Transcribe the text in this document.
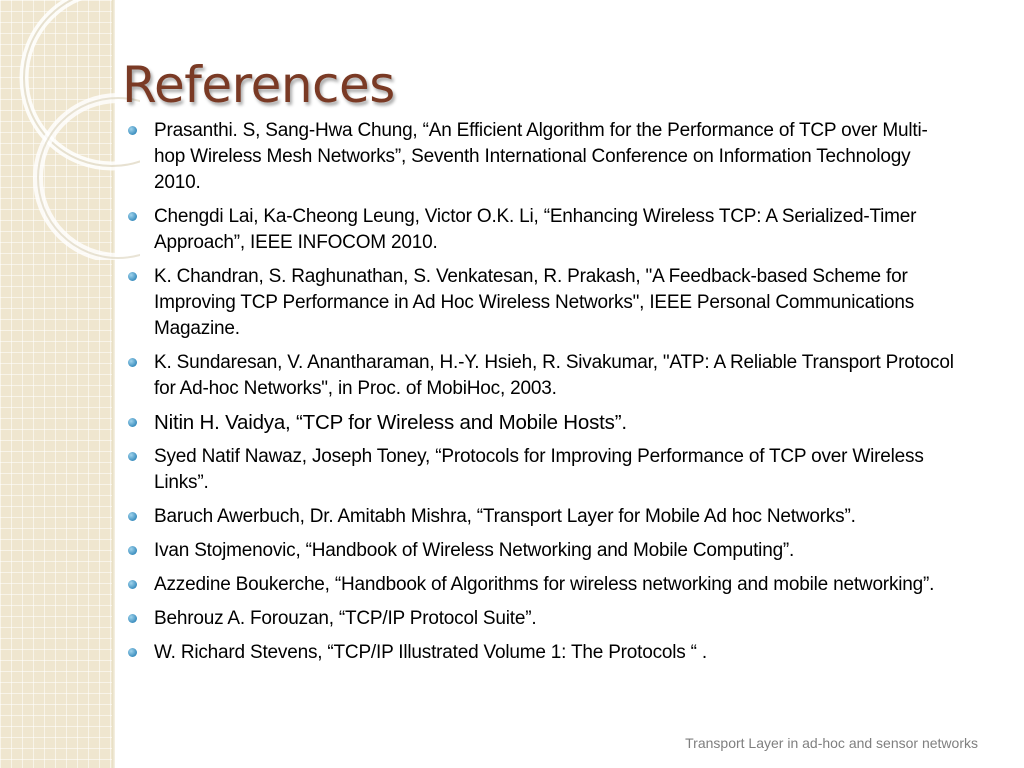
References
Prasanthi. S, Sang-Hwa Chung, “An Efficient Algorithm for the Performance of TCP over Multi-hop Wireless Mesh Networks”, Seventh International Conference on Information Technology 2010.
Chengdi Lai, Ka-Cheong Leung, Victor O.K. Li, “Enhancing Wireless TCP: A Serialized-Timer Approach”, IEEE INFOCOM 2010.
K. Chandran, S. Raghunathan, S. Venkatesan, R. Prakash, "A Feedback-based Scheme for Improving TCP Performance in Ad Hoc Wireless Networks", IEEE Personal Communications Magazine.
K. Sundaresan, V. Anantharaman, H.-Y. Hsieh, R. Sivakumar, "ATP: A Reliable Transport Protocol for Ad-hoc Networks", in Proc. of MobiHoc, 2003.
Nitin H. Vaidya, “TCP for Wireless and Mobile Hosts”.
Syed Natif Nawaz, Joseph Toney, “Protocols for Improving Performance of TCP over Wireless Links”.
Baruch Awerbuch, Dr. Amitabh Mishra, “Transport Layer for Mobile Ad hoc Networks”.
Ivan Stojmenovic, “Handbook of Wireless Networking and Mobile Computing”.
Azzedine Boukerche, “Handbook of Algorithms for wireless networking and mobile networking”.
Behrouz A. Forouzan, “TCP/IP Protocol Suite”.
W. Richard Stevens, “TCP/IP Illustrated Volume 1: The Protocols “ .
Transport Layer in ad-hoc and sensor networks
